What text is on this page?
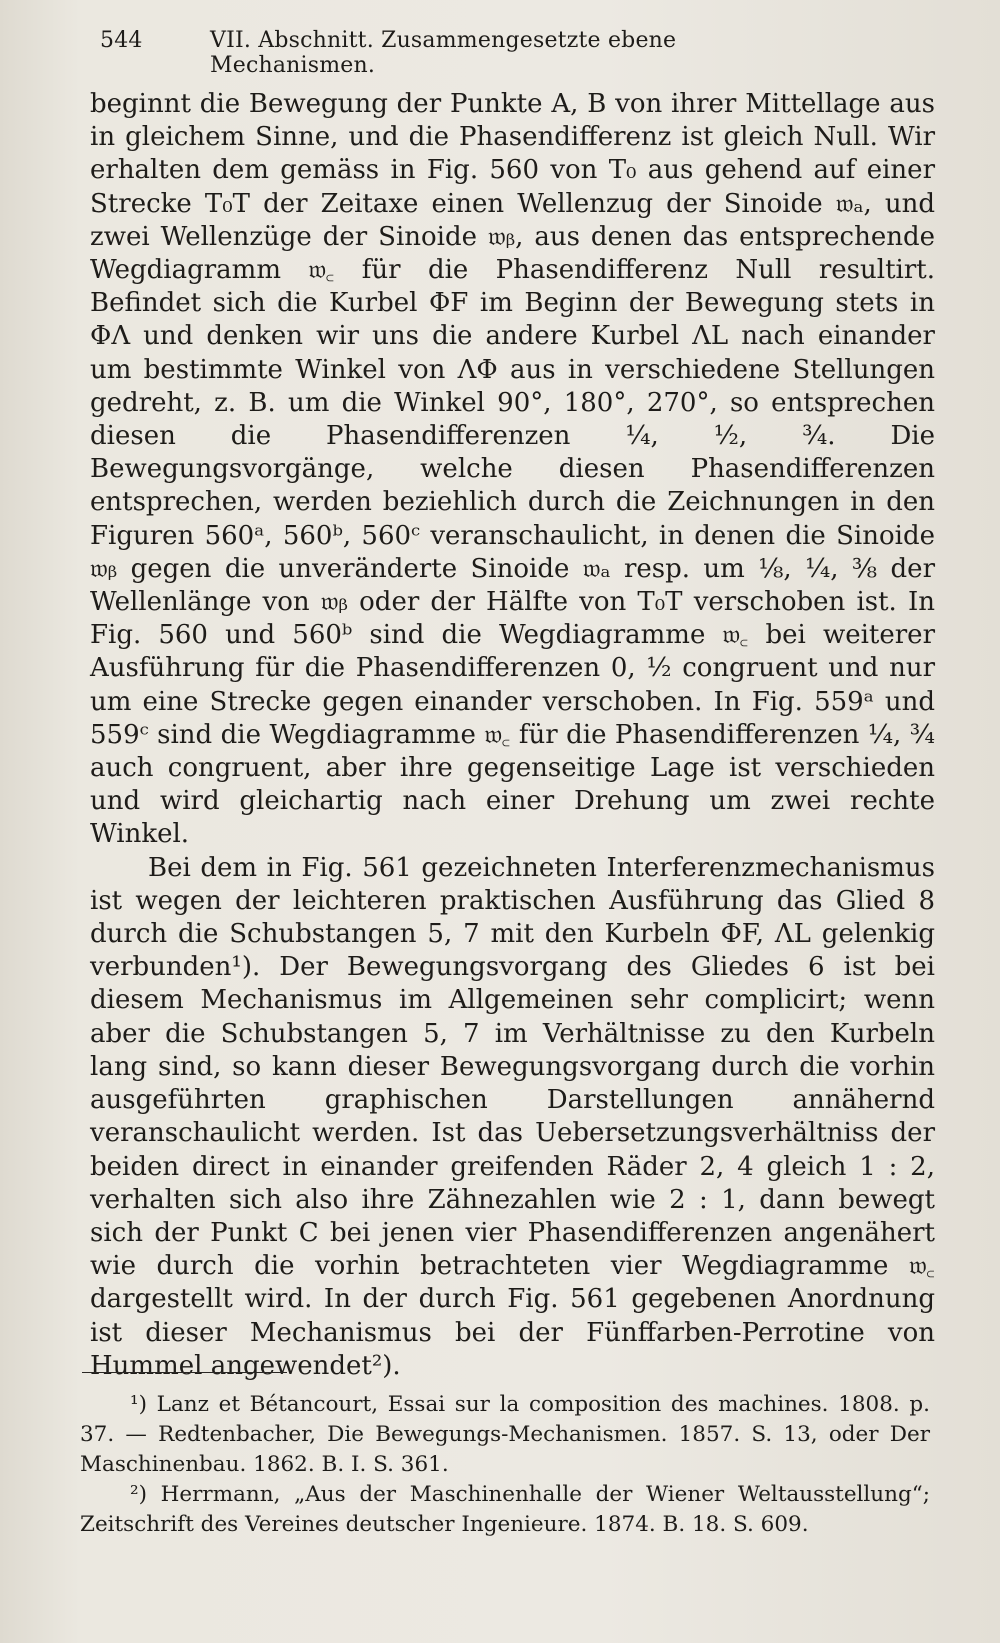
544	VII. Abschnitt. Zusammengesetzte ebene Mechanismen.

beginnt die Bewegung der Punkte A, B von ihrer Mittellage aus in gleichem Sinne, und die Phasendifferenz ist gleich Null. Wir erhalten dem gemäss in Fig. 560 von T₀ aus gehend auf einer Strecke T₀T der Zeitaxe einen Wellenzug der Sinoide 𝔴ₐ, und zwei Wellenzüge der Sinoide 𝔴ᵦ, aus denen das entsprechende Wegdiagramm 𝔴꜀ für die Phasendifferenz Null resultirt. Befindet sich die Kurbel ΦF im Beginn der Bewegung stets in ΦΛ und denken wir uns die andere Kurbel ΛL nach einander um bestimmte Winkel von ΛΦ aus in verschiedene Stellungen gedreht, z. B. um die Winkel 90°, 180°, 270°, so entsprechen diesen die Phasendifferenzen ¼, ½, ¾. Die Bewegungsvorgänge, welche diesen Phasendifferenzen entsprechen, werden beziehlich durch die Zeichnungen in den Figuren 560ᵃ, 560ᵇ, 560ᶜ veranschaulicht, in denen die Sinoide 𝔴ᵦ gegen die unveränderte Sinoide 𝔴ₐ resp. um ⅛, ¼, ⅜ der Wellenlänge von 𝔴ᵦ oder der Hälfte von T₀T verschoben ist. In Fig. 560 und 560ᵇ sind die Wegdiagramme 𝔴꜀ bei weiterer Ausführung für die Phasendifferenzen 0, ½ congruent und nur um eine Strecke gegen einander verschoben. In Fig. 559ᵃ und 559ᶜ sind die Wegdiagramme 𝔴꜀ für die Phasendifferenzen ¼, ¾ auch congruent, aber ihre gegenseitige Lage ist verschieden und wird gleichartig nach einer Drehung um zwei rechte Winkel.

Bei dem in Fig. 561 gezeichneten Interferenzmechanismus ist wegen der leichteren praktischen Ausführung das Glied 8 durch die Schubstangen 5, 7 mit den Kurbeln ΦF, ΛL gelenkig verbunden¹). Der Bewegungsvorgang des Gliedes 6 ist bei diesem Mechanismus im Allgemeinen sehr complicirt; wenn aber die Schubstangen 5, 7 im Verhältnisse zu den Kurbeln lang sind, so kann dieser Bewegungsvorgang durch die vorhin ausgeführten graphischen Darstellungen annähernd veranschaulicht werden. Ist das Uebersetzungsverhältniss der beiden direct in einander greifenden Räder 2, 4 gleich 1 : 2, verhalten sich also ihre Zähnezahlen wie 2 : 1, dann bewegt sich der Punkt C bei jenen vier Phasendifferenzen angenähert wie durch die vorhin betrachteten vier Wegdiagramme 𝔴꜀ dargestellt wird. In der durch Fig. 561 gegebenen Anordnung ist dieser Mechanismus bei der Fünffarben-Perrotine von Hummel angewendet²).

¹) Lanz et Bétancourt, Essai sur la composition des machines. 1808. p. 37. — Redtenbacher, Die Bewegungs-Mechanismen. 1857. S. 13, oder Der Maschinenbau. 1862. B. I. S. 361.

²) Herrmann, „Aus der Maschinenhalle der Wiener Weltausstellung“; Zeitschrift des Vereines deutscher Ingenieure. 1874. B. 18. S. 609.
